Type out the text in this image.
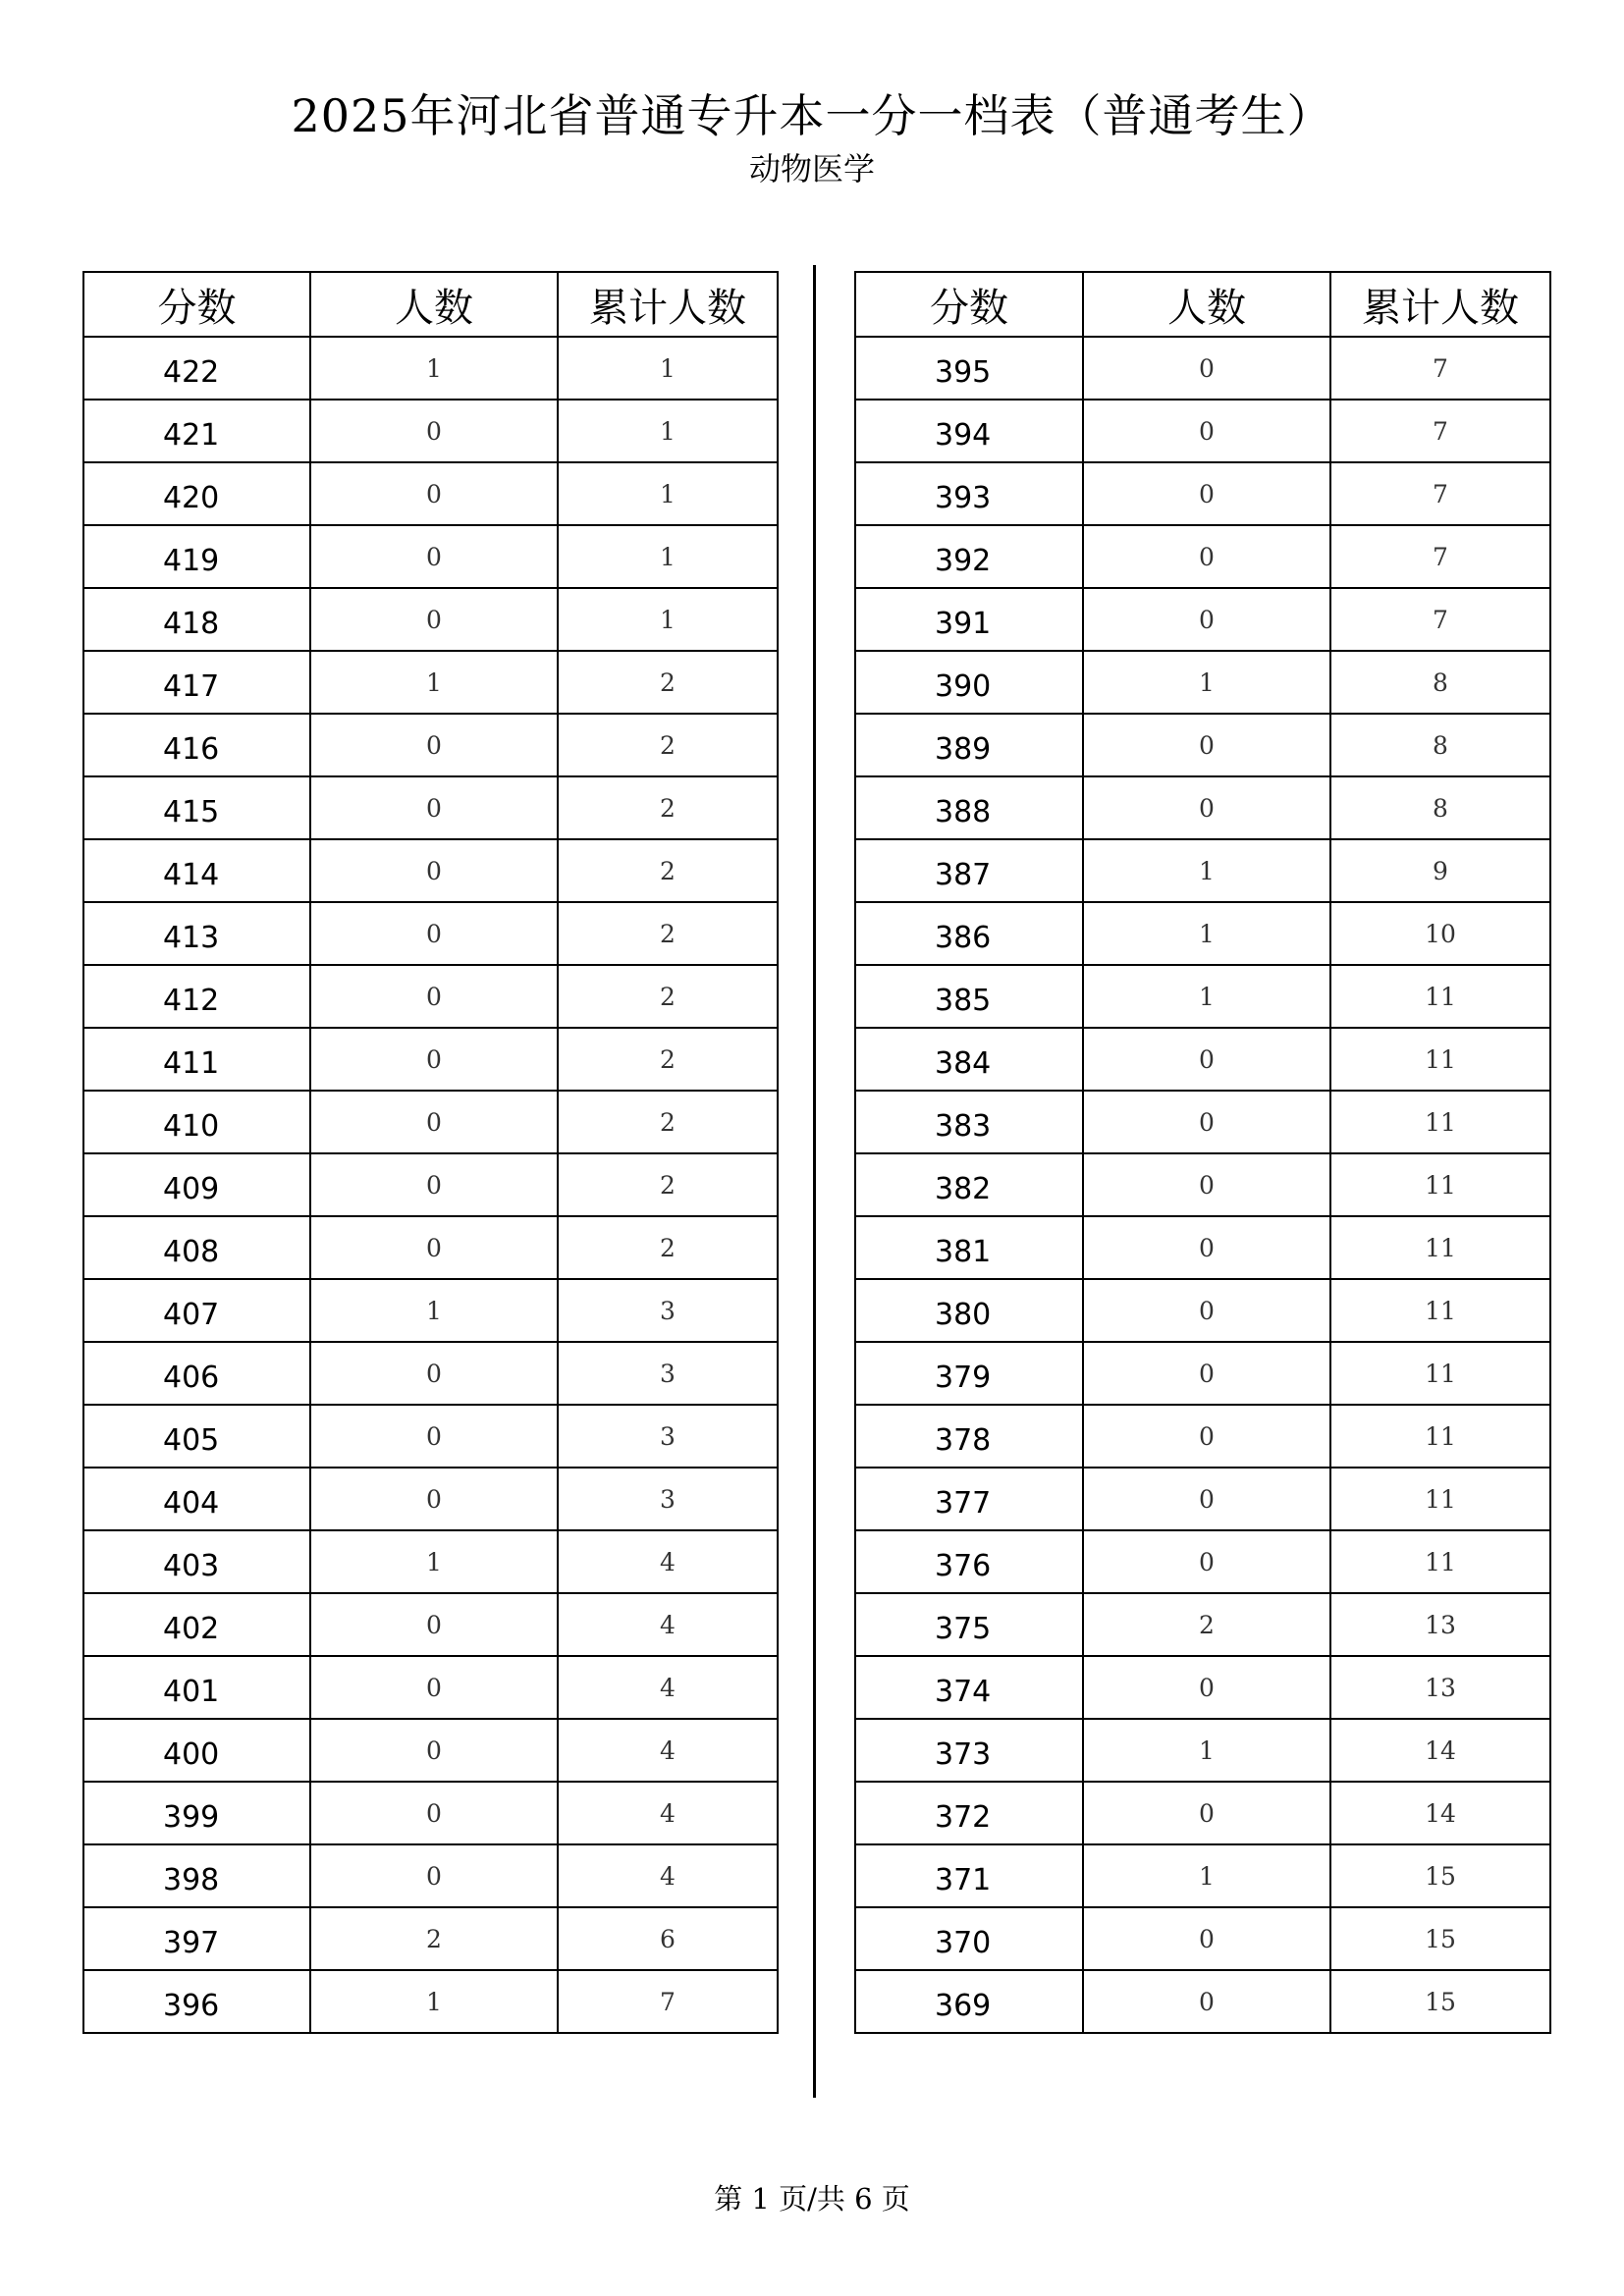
2025年河北省普通专升本一分一档表（普通考生）
动物医学
分数	人数	累计人数
422	1	1
421	0	1
420	0	1
419	0	1
418	0	1
417	1	2
416	0	2
415	0	2
414	0	2
413	0	2
412	0	2
411	0	2
410	0	2
409	0	2
408	0	2
407	1	3
406	0	3
405	0	3
404	0	3
403	1	4
402	0	4
401	0	4
400	0	4
399	0	4
398	0	4
397	2	6
396	1	7
分数	人数	累计人数
395	0	7
394	0	7
393	0	7
392	0	7
391	0	7
390	1	8
389	0	8
388	0	8
387	1	9
386	1	10
385	1	11
384	0	11
383	0	11
382	0	11
381	0	11
380	0	11
379	0	11
378	0	11
377	0	11
376	0	11
375	2	13
374	0	13
373	1	14
372	0	14
371	1	15
370	0	15
369	0	15
第 1 页/共 6 页
